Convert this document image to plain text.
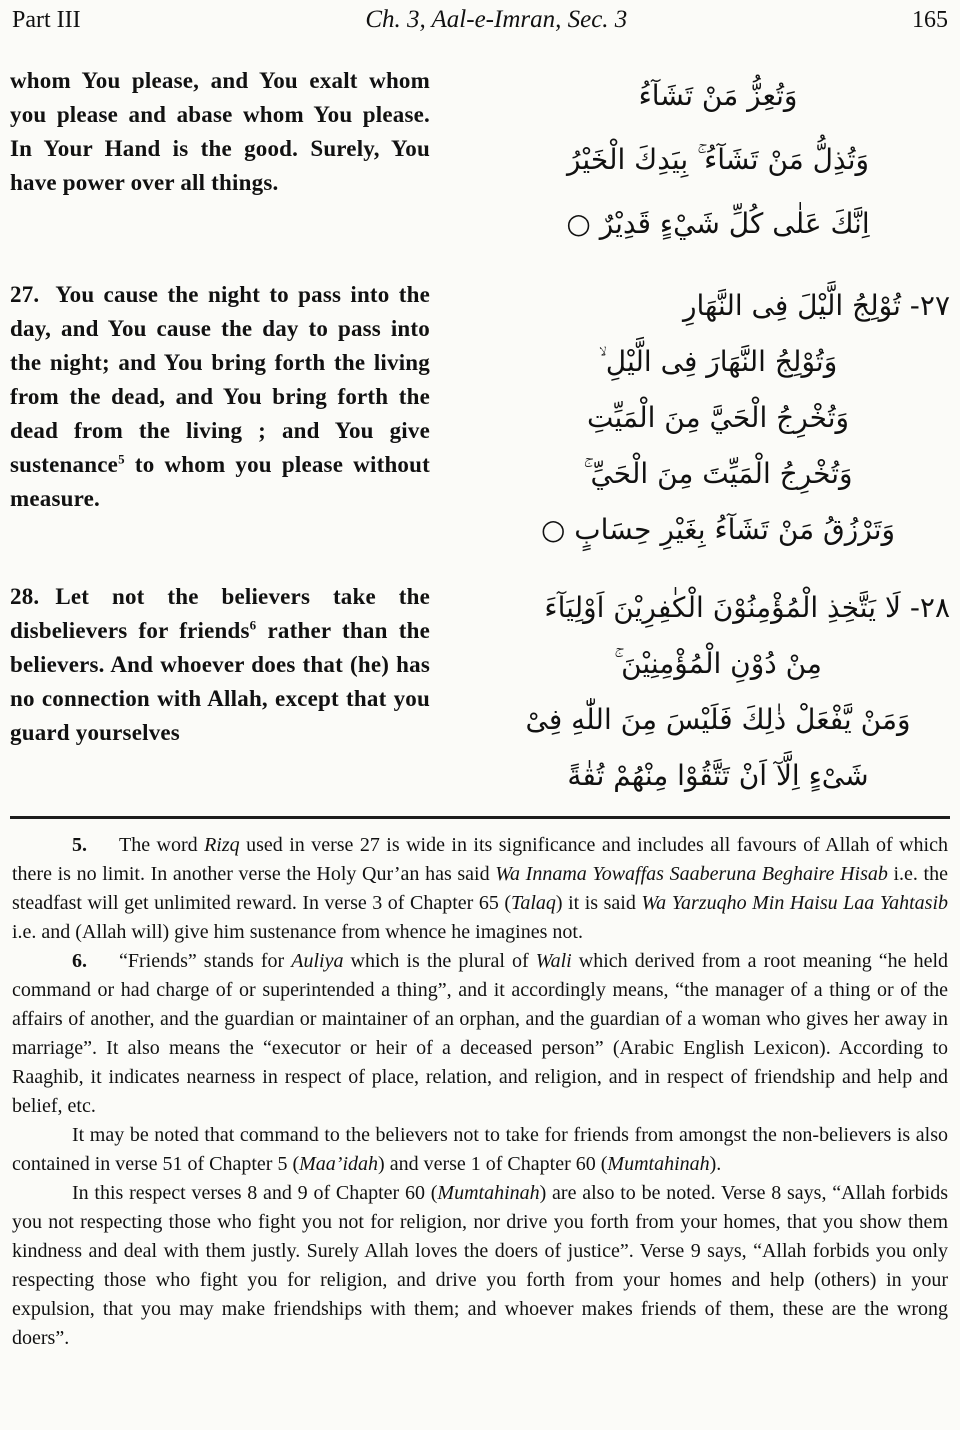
Part III	Ch. 3, Aal-e-Imran, Sec. 3	165
whom You please, and You exalt whom you please and abase whom You please. In Your Hand is the good. Surely, You have power over all things.
وَتُعِزُّ مَنْ تَشَآءُ
وَتُذِلُّ مَنْ تَشَآءُ ۚ بِيَدِكَ الْخَيْرُ
اِنَّكَ عَلٰى كُلِّ شَيْءٍ قَدِيْرٌ ○
27. You cause the night to pass into the day, and You cause the day to pass into the night; and You bring forth the living from the dead, and You bring forth the dead from the living ; and You give sustenance$^5$ to whom you please without measure.
۲۷- تُوْلِجُ الَّيْلَ فِى النَّهَارِ
وَتُوْلِجُ النَّهَارَ فِى الَّيْلِ ۙ
وَتُخْرِجُ الْحَيَّ مِنَ الْمَيِّتِ
وَتُخْرِجُ الْمَيِّتَ مِنَ الْحَيِّ ۚ
وَتَرْزُقُ مَنْ تَشَآءُ بِغَيْرِ حِسَابٍ ○
28. Let not the believers take the disbelievers for friends$^6$ rather than the believers. And whoever does that (he) has no connection with Allah, except that you guard yourselves
۲۸- لَا يَتَّخِذِ الْمُؤْمِنُوْنَ الْكٰفِرِيْنَ اَوْلِيَآءَ
مِنْ دُوْنِ الْمُؤْمِنِيْنَ ۚ
وَمَنْ يَّفْعَلْ ذٰلِكَ فَلَيْسَ مِنَ اللّٰهِ فِىْ
شَىْءٍ اِلَّآ اَنْ تَتَّقُوْا مِنْهُمْ تُقٰةً

5. The word Rizq used in verse 27 is wide in its significance and includes all favours of Allah of which there is no limit. In another verse the Holy Qur’an has said Wa Innama Yowaffas Saaberuna Beghaire Hisab i.e. the steadfast will get unlimited reward. In verse 3 of Chapter 65 (Talaq) it is said Wa Yarzuqho Min Haisu Laa Yahtasib i.e. and (Allah will) give him sustenance from whence he imagines not.

6. “Friends” stands for Auliya which is the plural of Wali which derived from a root meaning “he held command or had charge of or superintended a thing”, and it accordingly means, “the manager of a thing or of the affairs of another, and the guardian or maintainer of an orphan, and the guardian of a woman who gives her away in marriage”. It also means the “executor or heir of a deceased person” (Arabic English Lexicon). According to Raaghib, it indicates nearness in respect of place, relation, and religion, and in respect of friendship and help and belief, etc.

It may be noted that command to the believers not to take for friends from amongst the non-believers is also contained in verse 51 of Chapter 5 (Maa’idah) and verse 1 of Chapter 60 (Mumtahinah).

In this respect verses 8 and 9 of Chapter 60 (Mumtahinah) are also to be noted. Verse 8 says, “Allah forbids you not respecting those who fight you not for religion, nor drive you forth from your homes, that you show them kindness and deal with them justly. Surely Allah loves the doers of justice”. Verse 9 says, “Allah forbids you only respecting those who fight you for religion, and drive you forth from your homes and help (others) in your expulsion, that you may make friendships with them; and whoever makes friends of them, these are the wrong doers”.
